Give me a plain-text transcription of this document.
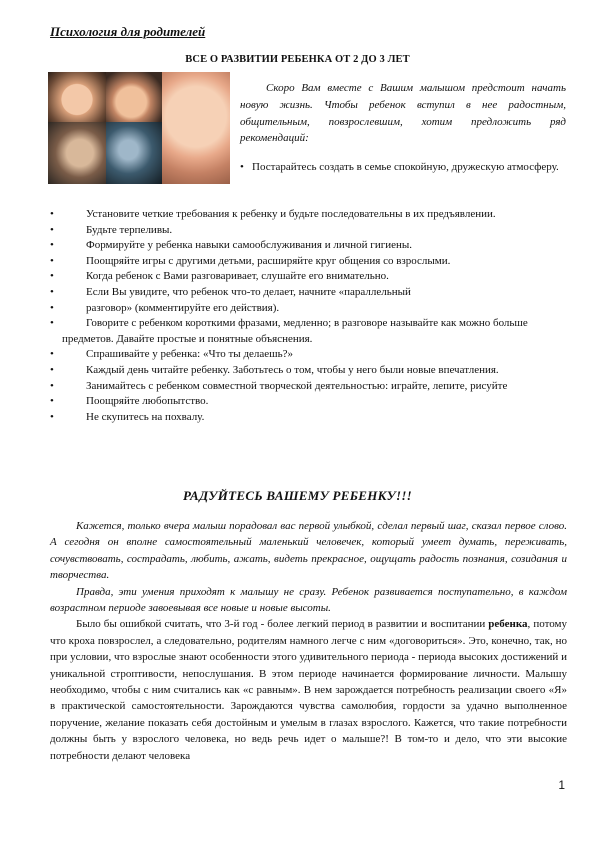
Психология для родителей
ВСЕ О РАЗВИТИИ РЕБЕНКА ОТ 2 ДО 3 ЛЕТ

Скоро Вам вместе с Вашим малышом предстоит начать новую жизнь. Чтобы ребенок вступил в нее радостным, общительным, повзрослевшим, хотим предложить ряд рекомендаций:

• Постарайтесь создать в семье спокойную, дружескую атмосферу.
• Установите четкие требования к ребенку и будьте последовательны в их предъявлении.
• Будьте терпеливы.
• Формируйте у ребенка навыки самообслуживания и личной гигиены.
• Поощряйте игры с другими детьми, расширяйте круг общения со взрослыми.
• Когда ребенок с Вами разговаривает, слушайте его внимательно.
• Если Вы увидите, что ребенок что-то делает, начните «параллельный
• разговор» (комментируйте его действия).
• Говорите с ребенком короткими фразами, медленно; в разговоре называйте как можно больше предметов. Давайте простые и понятные объяснения.
• Спрашивайте у ребенка: «Что ты делаешь?»
• Каждый день читайте ребенку. Заботьтесь о том, чтобы у него были новые впечатления.
• Занимайтесь с ребенком совместной творческой деятельностью: играйте, лепите, рисуйте
• Поощряйте любопытство.
• Не скупитесь на похвалу.
РАДУЙТЕСЬ ВАШЕМУ РЕБЕНКУ!!!

Кажется, только вчера малыш порадовал вас первой улыбкой, сделал первый шаг, сказал первое слово. А сегодня он вполне самостоятельный маленький человечек, который умеет думать, переживать, сочувствовать, сострадать, любить, ажать, видеть прекрасное, ощущать радость познания, созидания и творчества.

Правда, эти умения приходят к малышу не сразу. Ребенок развивается поступательно, в каждом возрастном периоде завоевывая все новые и новые высоты.

Было бы ошибкой считать, что 3-й год - более легкий период в развитии и воспитании ребенка, потому что кроха повзрослел, а следовательно, родителям намного легче с ним «договориться». Это, конечно, так, но при условии, что взрослые знают особенности этого удивительного периода - периода высоких достижений и уникальной строптивости, непослушания. В этом периоде начинается формирование личности. Малышу необходимо, чтобы с ним считались как «с равным». В нем зарождается потребность реализации своего «Я» в практической самостоятельности. Зарождаются чувства самолюбия, гордости за удачно выполненное поручение, желание показать себя достойным и умелым в глазах взрослого. Кажется, что такие потребности должны быть у взрослого человека, но ведь речь идет о малыше?! В том-то и дело, что эти высокие потребности делают человека

1
